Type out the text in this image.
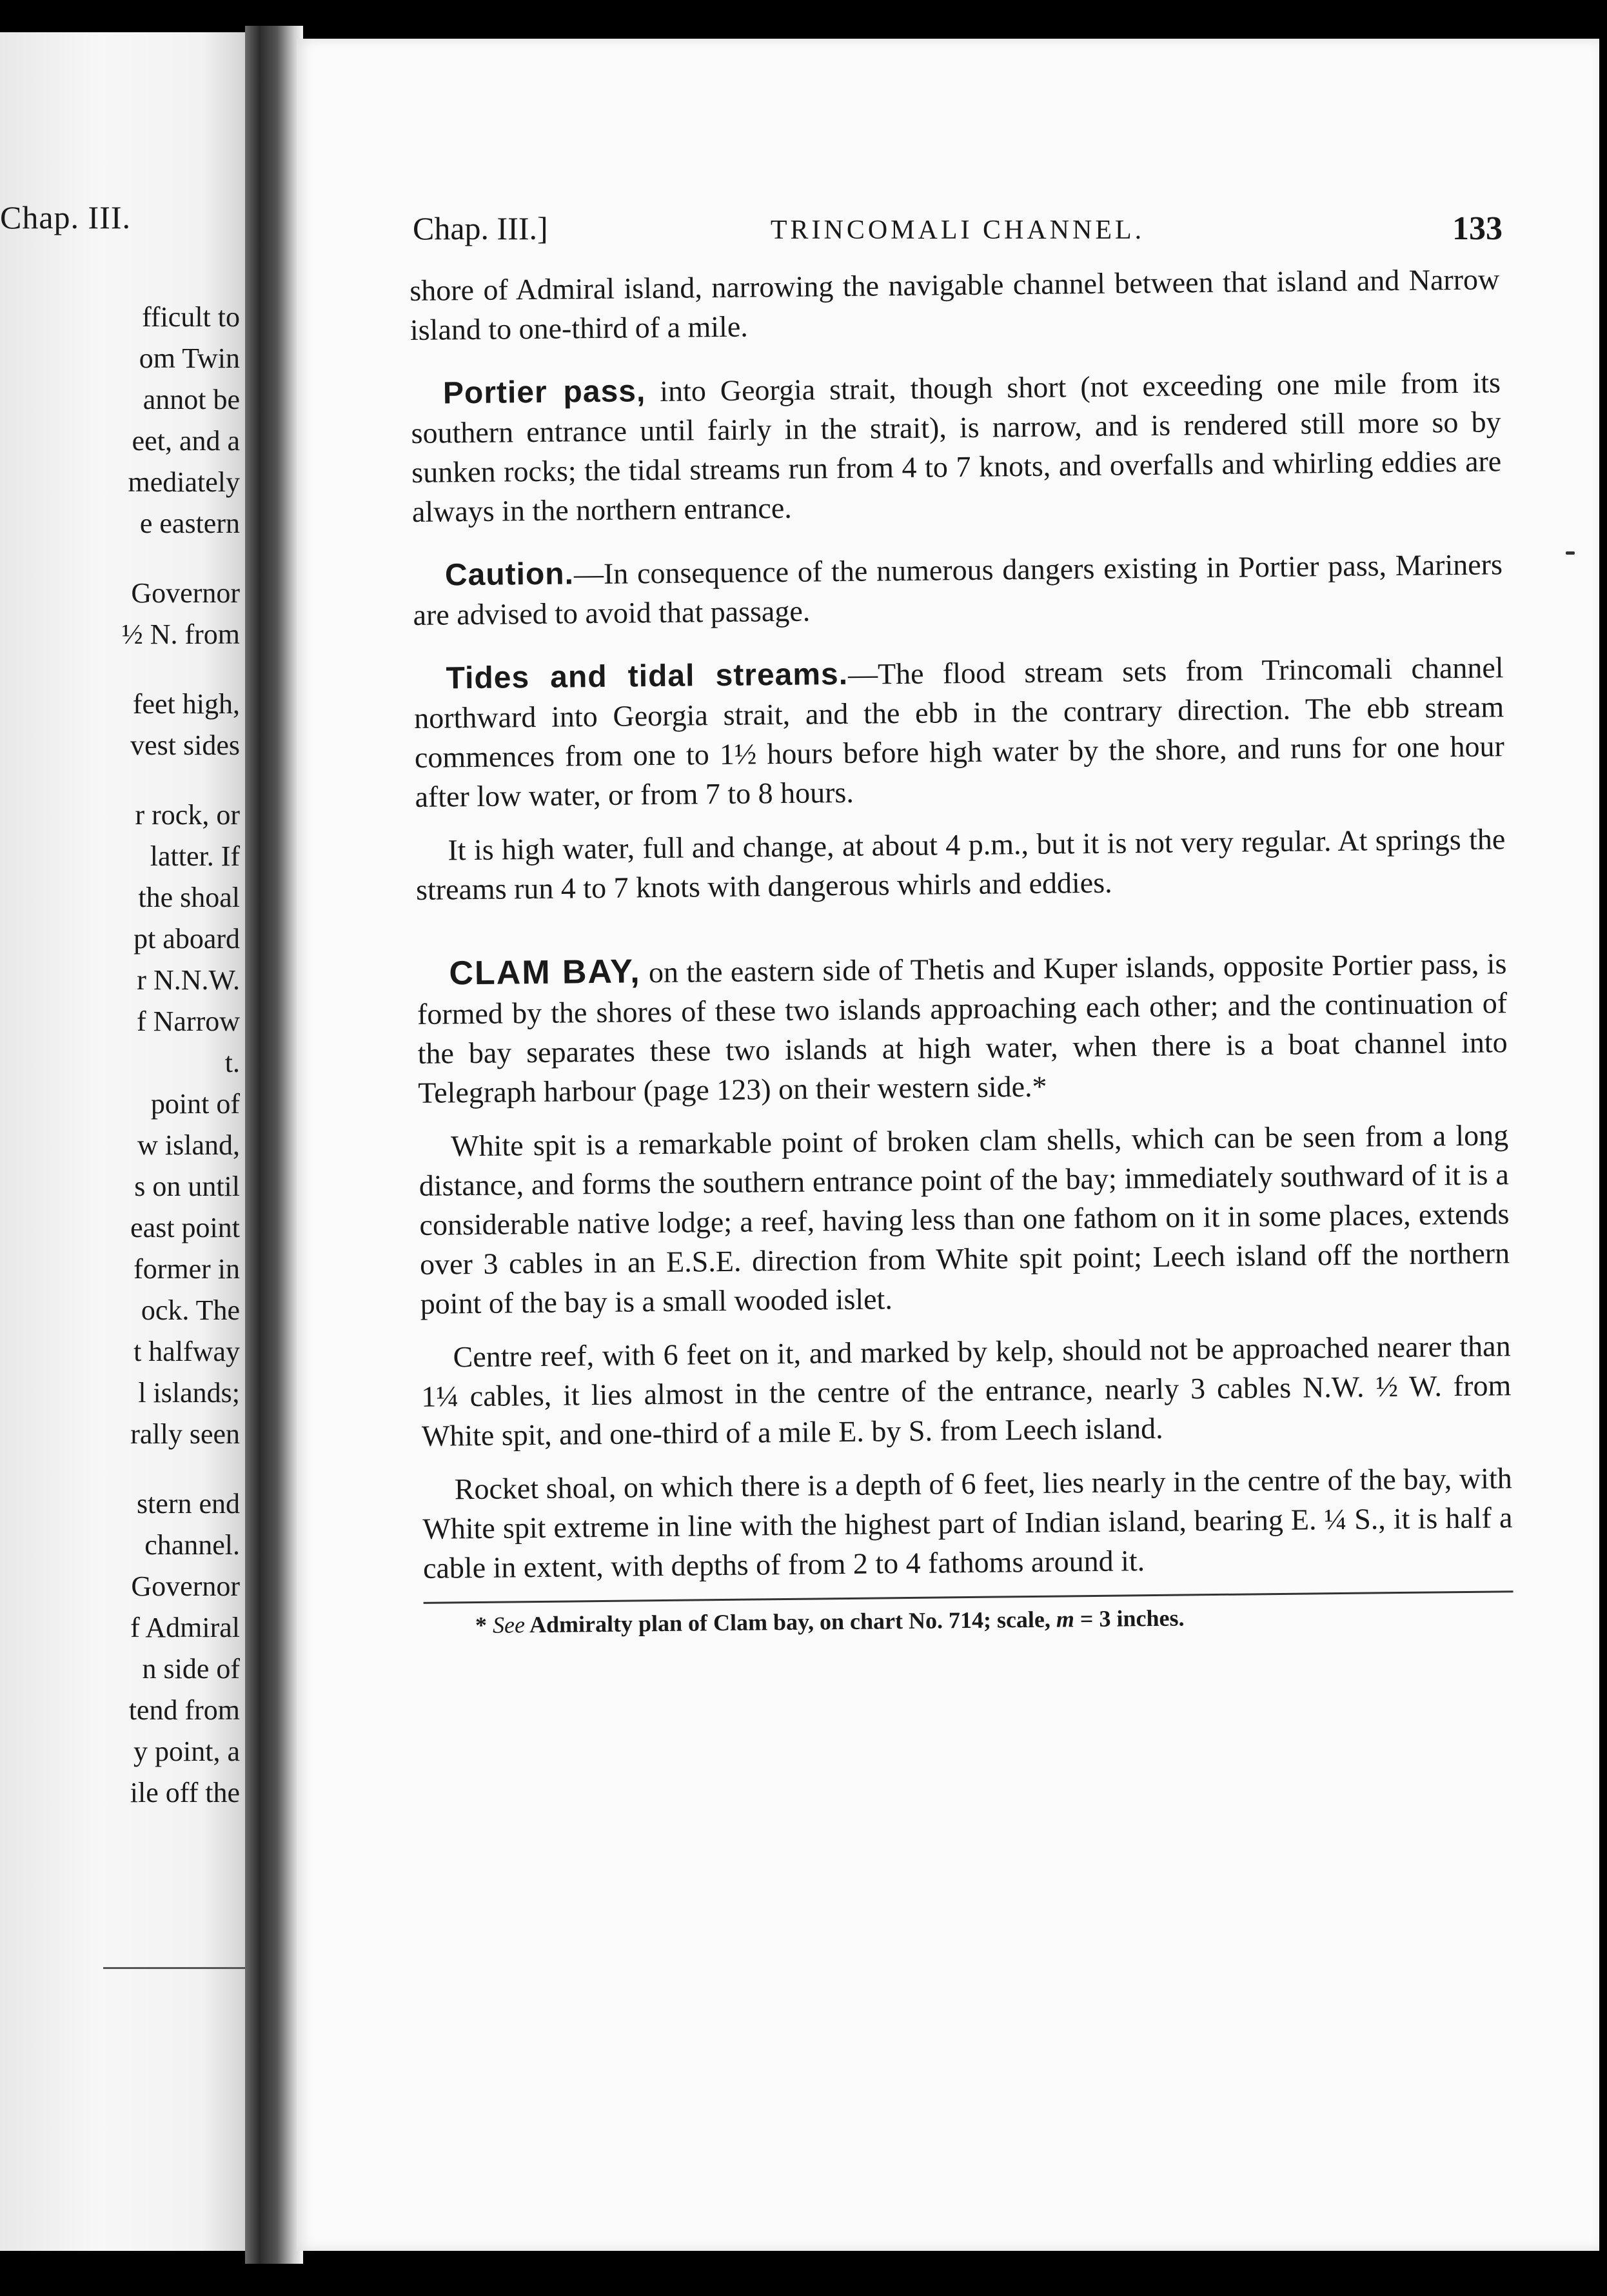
Chap. III.
fficult to
om Twin
annot be
eet, and a
mediately
e eastern
Governor
½ N. from
feet high,
vest sides
r rock, or
latter. If
the shoal
pt aboard
r N.N.W.
f Narrow
t.
point of
w island,
s on until
east point
former in
ock. The
t halfway
l islands;
rally seen
stern end
channel.
Governor
f Admiral
n side of
tend from
y point, a
ile off the
Chap. III.]	TRINCOMALI CHANNEL.	133

shore of Admiral island, narrowing the navigable channel between that island and Narrow island to one-third of a mile.

Portier pass, into Georgia strait, though short (not exceeding one mile from its southern entrance until fairly in the strait), is narrow, and is rendered still more so by sunken rocks; the tidal streams run from 4 to 7 knots, and overfalls and whirling eddies are always in the northern entrance.

Caution.—In consequence of the numerous dangers existing in Portier pass, Mariners are advised to avoid that passage.

Tides and tidal streams.—The flood stream sets from Trincomali channel northward into Georgia strait, and the ebb in the contrary direction. The ebb stream commences from one to 1½ hours before high water by the shore, and runs for one hour after low water, or from 7 to 8 hours.

It is high water, full and change, at about 4 p.m., but it is not very regular. At springs the streams run 4 to 7 knots with dangerous whirls and eddies.

CLAM BAY, on the eastern side of Thetis and Kuper islands, opposite Portier pass, is formed by the shores of these two islands approaching each other; and the continuation of the bay separates these two islands at high water, when there is a boat channel into Telegraph harbour (page 123) on their western side.*

White spit is a remarkable point of broken clam shells, which can be seen from a long distance, and forms the southern entrance point of the bay; immediately southward of it is a considerable native lodge; a reef, having less than one fathom on it in some places, extends over 3 cables in an E.S.E. direction from White spit point; Leech island off the northern point of the bay is a small wooded islet.

Centre reef, with 6 feet on it, and marked by kelp, should not be approached nearer than 1¼ cables, it lies almost in the centre of the entrance, nearly 3 cables N.W. ½ W. from White spit, and one-third of a mile E. by S. from Leech island.

Rocket shoal, on which there is a depth of 6 feet, lies nearly in the centre of the bay, with White spit extreme in line with the highest part of Indian island, bearing E. ¼ S., it is half a cable in extent, with depths of from 2 to 4 fathoms around it.

* See Admiralty plan of Clam bay, on chart No. 714; scale, m = 3 inches.
